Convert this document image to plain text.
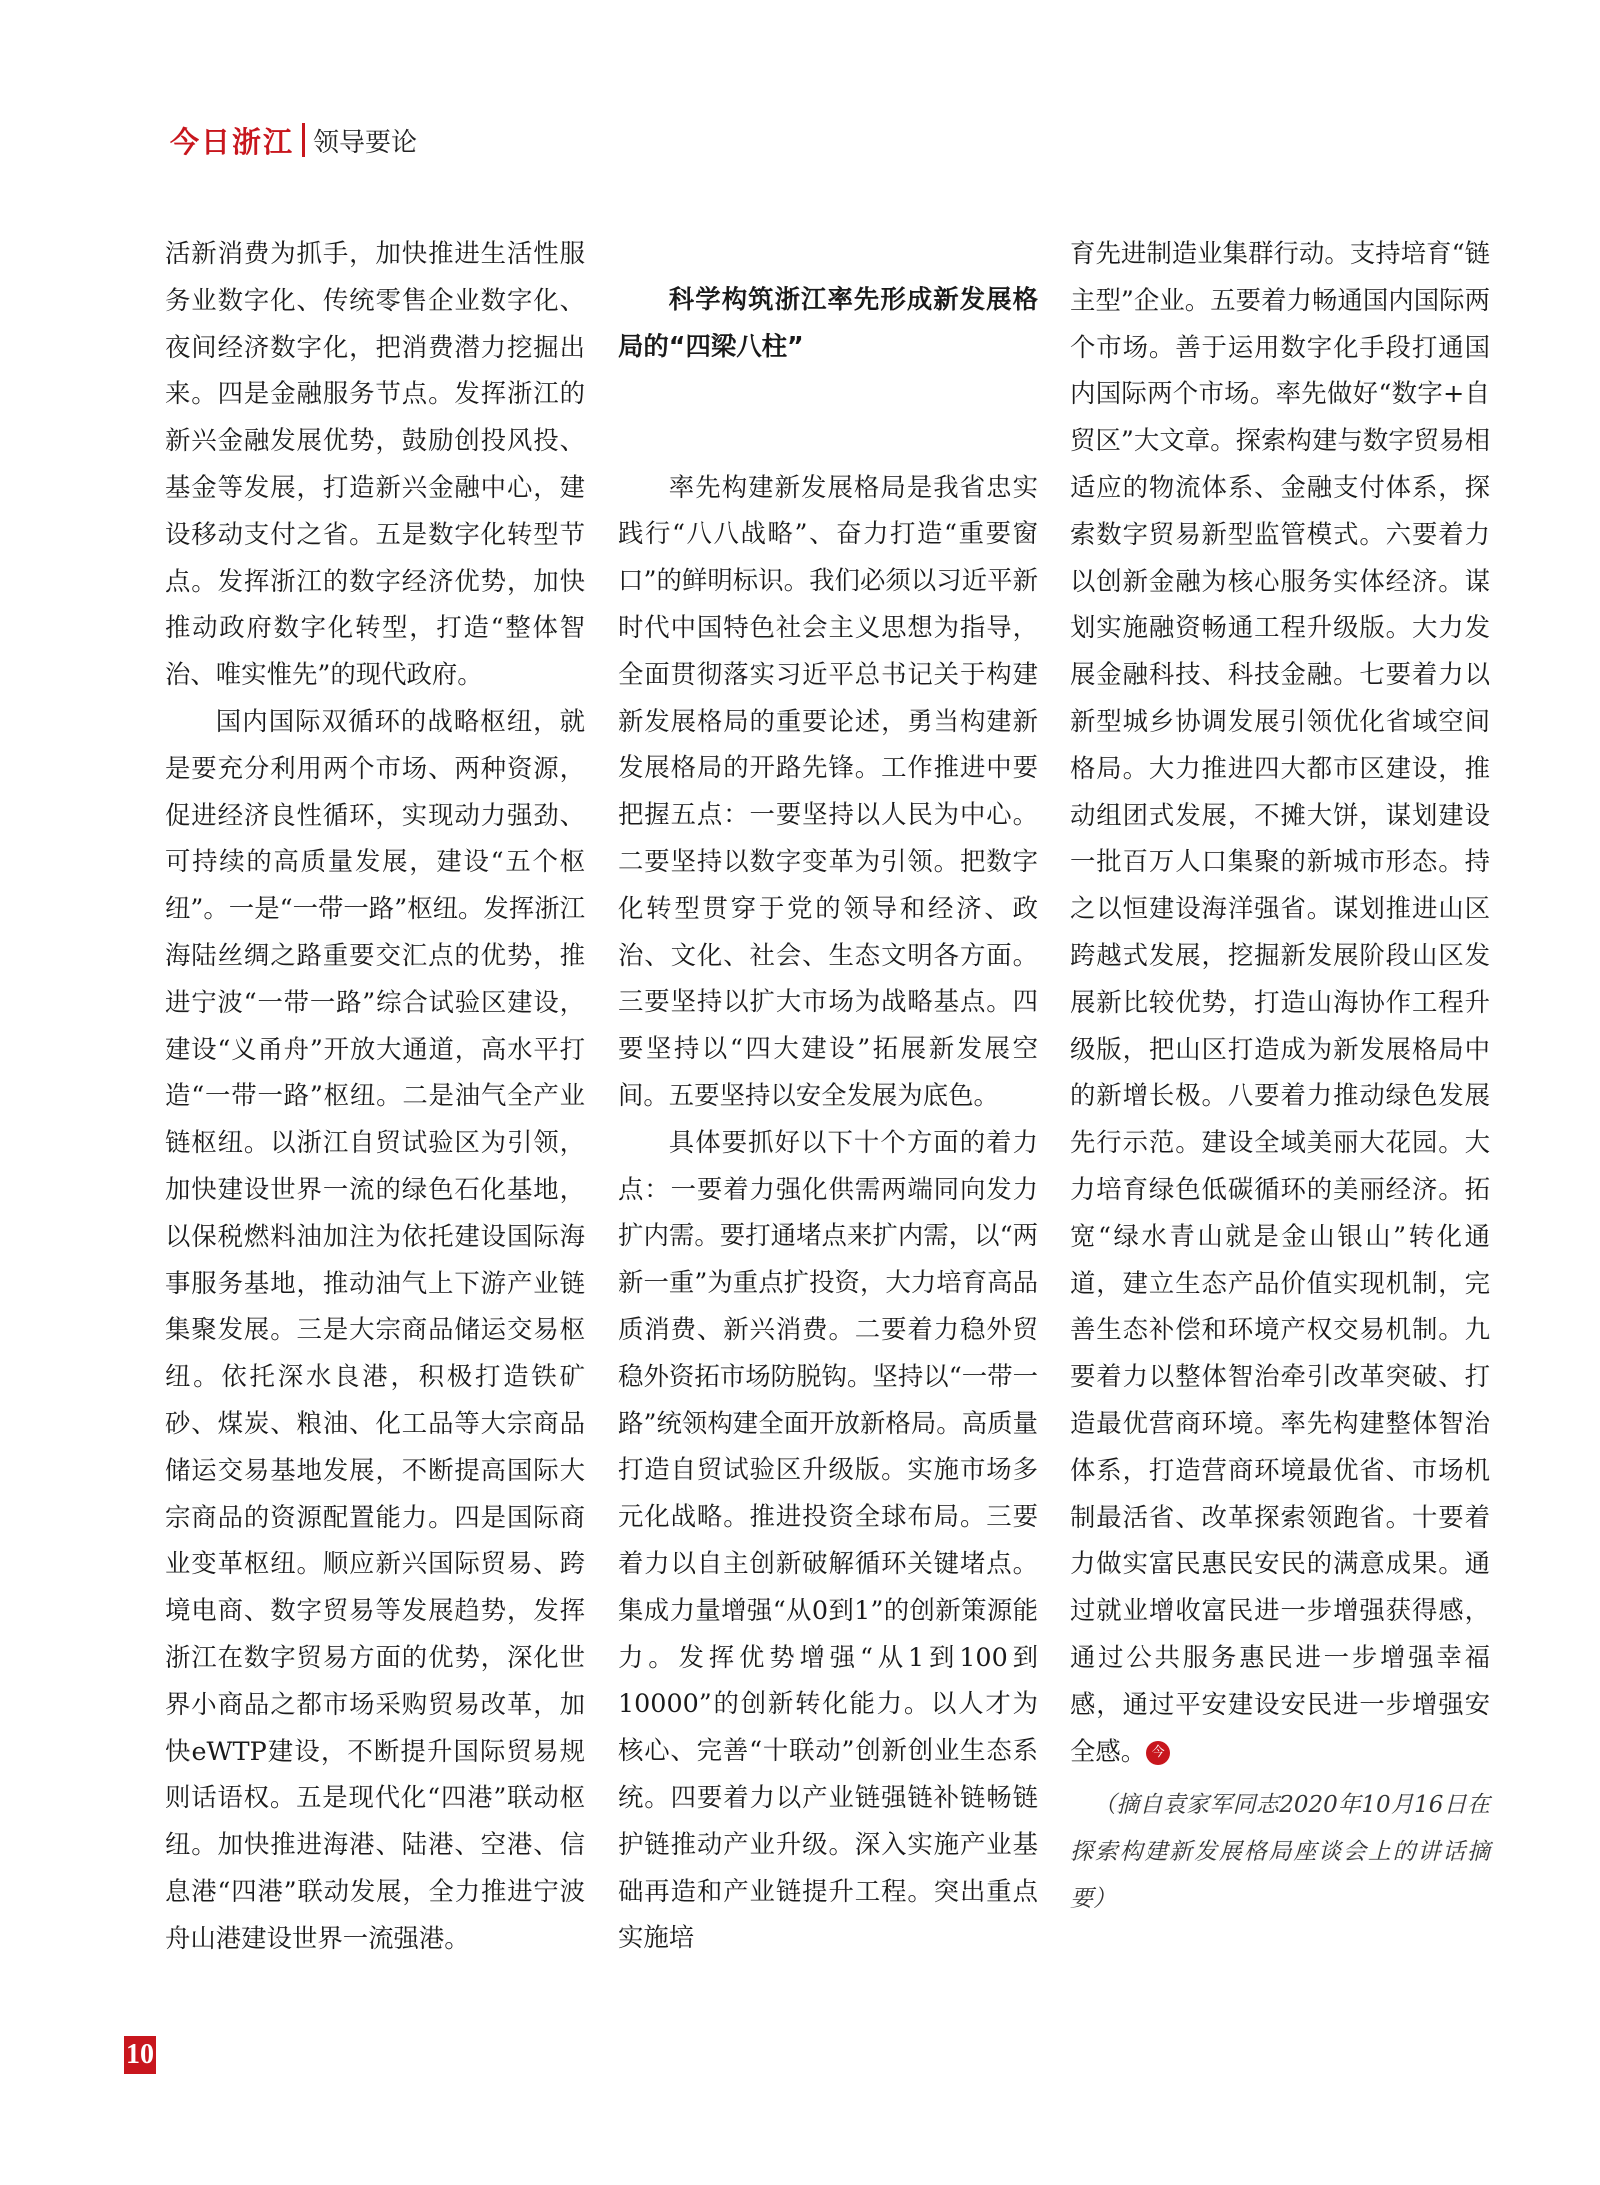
今日浙江 领导要论

活新消费为抓手，加快推进生活性服务业数字化、传统零售企业数字化、夜间经济数字化，把消费潜力挖掘出来。四是金融服务节点。发挥浙江的新兴金融发展优势，鼓励创投风投、基金等发展，打造新兴金融中心，建设移动支付之省。五是数字化转型节点。发挥浙江的数字经济优势，加快推动政府数字化转型，打造“整体智治、唯实惟先”的现代政府。

国内国际双循环的战略枢纽，就是要充分利用两个市场、两种资源，促进经济良性循环，实现动力强劲、可持续的高质量发展，建设“五个枢纽”。一是“一带一路”枢纽。发挥浙江海陆丝绸之路重要交汇点的优势，推进宁波“一带一路”综合试验区建设，建设“义甬舟”开放大通道，高水平打造“一带一路”枢纽。二是油气全产业链枢纽。以浙江自贸试验区为引领，加快建设世界一流的绿色石化基地，以保税燃料油加注为依托建设国际海事服务基地，推动油气上下游产业链集聚发展。三是大宗商品储运交易枢纽。依托深水良港，积极打造铁矿砂、煤炭、粮油、化工品等大宗商品储运交易基地发展，不断提高国际大宗商品的资源配置能力。四是国际商业变革枢纽。顺应新兴国际贸易、跨境电商、数字贸易等发展趋势，发挥浙江在数字贸易方面的优势，深化世界小商品之都市场采购贸易改革，加快eWTP建设，不断提升国际贸易规则话语权。五是现代化“四港”联动枢纽。加快推进海港、陆港、空港、信息港“四港”联动发展，全力推进宁波舟山港建设世界一流强港。

科学构筑浙江率先形成新发展格局的“四梁八柱”

率先构建新发展格局是我省忠实践行“八八战略”、奋力打造“重要窗口”的鲜明标识。我们必须以习近平新时代中国特色社会主义思想为指导，全面贯彻落实习近平总书记关于构建新发展格局的重要论述，勇当构建新发展格局的开路先锋。工作推进中要把握五点：一要坚持以人民为中心。二要坚持以数字变革为引领。把数字化转型贯穿于党的领导和经济、政治、文化、社会、生态文明各方面。三要坚持以扩大市场为战略基点。四要坚持以“四大建设”拓展新发展空间。五要坚持以安全发展为底色。

具体要抓好以下十个方面的着力点：一要着力强化供需两端同向发力扩内需。要打通堵点来扩内需，以“两新一重”为重点扩投资，大力培育高品质消费、新兴消费。二要着力稳外贸稳外资拓市场防脱钩。坚持以“一带一路”统领构建全面开放新格局。高质量打造自贸试验区升级版。实施市场多元化战略。推进投资全球布局。三要着力以自主创新破解循环关键堵点。集成力量增强“从0到1”的创新策源能力。发挥优势增强“从1到100到10000”的创新转化能力。以人才为核心、完善“十联动”创新创业生态系统。四要着力以产业链强链补链畅链护链推动产业升级。深入实施产业基础再造和产业链提升工程。突出重点实施培

育先进制造业集群行动。支持培育“链主型”企业。五要着力畅通国内国际两个市场。善于运用数字化手段打通国内国际两个市场。率先做好“数字+自贸区”大文章。探索构建与数字贸易相适应的物流体系、金融支付体系，探索数字贸易新型监管模式。六要着力以创新金融为核心服务实体经济。谋划实施融资畅通工程升级版。大力发展金融科技、科技金融。七要着力以新型城乡协调发展引领优化省域空间格局。大力推进四大都市区建设，推动组团式发展，不摊大饼，谋划建设一批百万人口集聚的新城市形态。持之以恒建设海洋强省。谋划推进山区跨越式发展，挖掘新发展阶段山区发展新比较优势，打造山海协作工程升级版，把山区打造成为新发展格局中的新增长极。八要着力推动绿色发展先行示范。建设全域美丽大花园。大力培育绿色低碳循环的美丽经济。拓宽“绿水青山就是金山银山”转化通道，建立生态产品价值实现机制，完善生态补偿和环境产权交易机制。九要着力以整体智治牵引改革突破、打造最优营商环境。率先构建整体智治体系，打造营商环境最优省、市场机制最活省、改革探索领跑省。十要着力做实富民惠民安民的满意成果。通过就业增收富民进一步增强获得感，通过公共服务惠民进一步增强幸福感，通过平安建设安民进一步增强安全感。 今

（摘自袁家军同志2020年10月16日在探索构建新发展格局座谈会上的讲话摘要）

10
